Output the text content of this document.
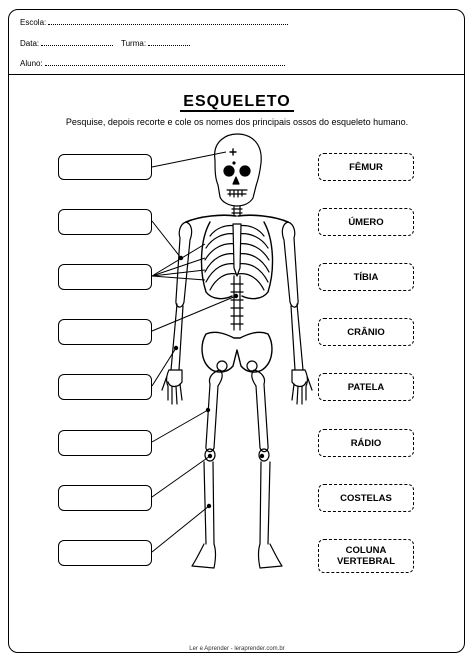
Escola:
Data:	Turma:
Aluno:
ESQUELETO
Pesquise, depois recorte e cole os nomes dos principais ossos do esqueleto humano.
FÊMUR
ÚMERO
TÍBIA
CRÂNIO
PATELA
RÁDIO
COSTELAS
COLUNA VERTEBRAL
Ler e Aprender - leraprender.com.br
